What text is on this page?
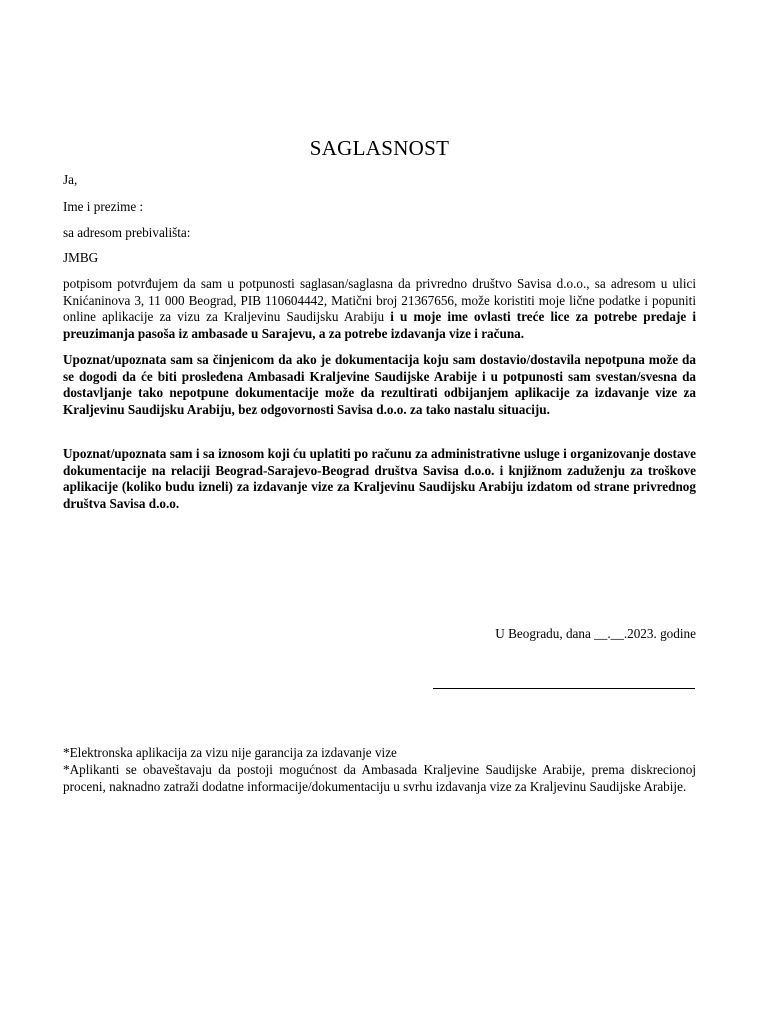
SAGLASNOST
Ja,
Ime i prezime :
sa adresom prebivališta:
JMBG
potpisom potvrđujem da sam u potpunosti saglasan/saglasna da privredno društvo Savisa d.o.o., sa adresom u ulici Knićaninova 3, 11 000 Beograd, PIB 110604442, Matični broj 21367656, može koristiti moje lične podatke i popuniti online aplikacije za vizu za Kraljevinu Saudijsku Arabiju i u moje ime ovlasti treće lice za potrebe predaje i preuzimanja pasoša iz ambasade u Sarajevu, a za potrebe izdavanja vize i računa.
Upoznat/upoznata sam sa činjenicom da ako je dokumentacija koju sam dostavio/dostavila nepotpuna može da se dogodi da će biti prosleđena Ambasadi Kraljevine Saudijske Arabije i u potpunosti sam svestan/svesna da dostavljanje tako nepotpune dokumentacije može da rezultirati odbijanjem aplikacije za izdavanje vize za Kraljevinu Saudijsku Arabiju, bez odgovornosti Savisa d.o.o. za tako nastalu situaciju.
Upoznat/upoznata sam i sa iznosom koji ću uplatiti po računu za administrativne usluge i organizovanje dostave dokumentacije na relaciji Beograd-Sarajevo-Beograd društva Savisa d.o.o. i knjižnom zaduženju za troškove aplikacije (koliko budu izneli) za izdavanje vize za Kraljevinu Saudijsku Arabiju izdatom od strane privrednog društva Savisa d.o.o.
U Beogradu, dana __.__.2023. godine
*Elektronska aplikacija za vizu nije garancija za izdavanje vize
*Aplikanti se obaveštavaju da postoji mogućnost da Ambasada Kraljevine Saudijske Arabije, prema diskrecionoj proceni, naknadno zatraži dodatne informacije/dokumentaciju u svrhu izdavanja vize za Kraljevinu Saudijske Arabije.
